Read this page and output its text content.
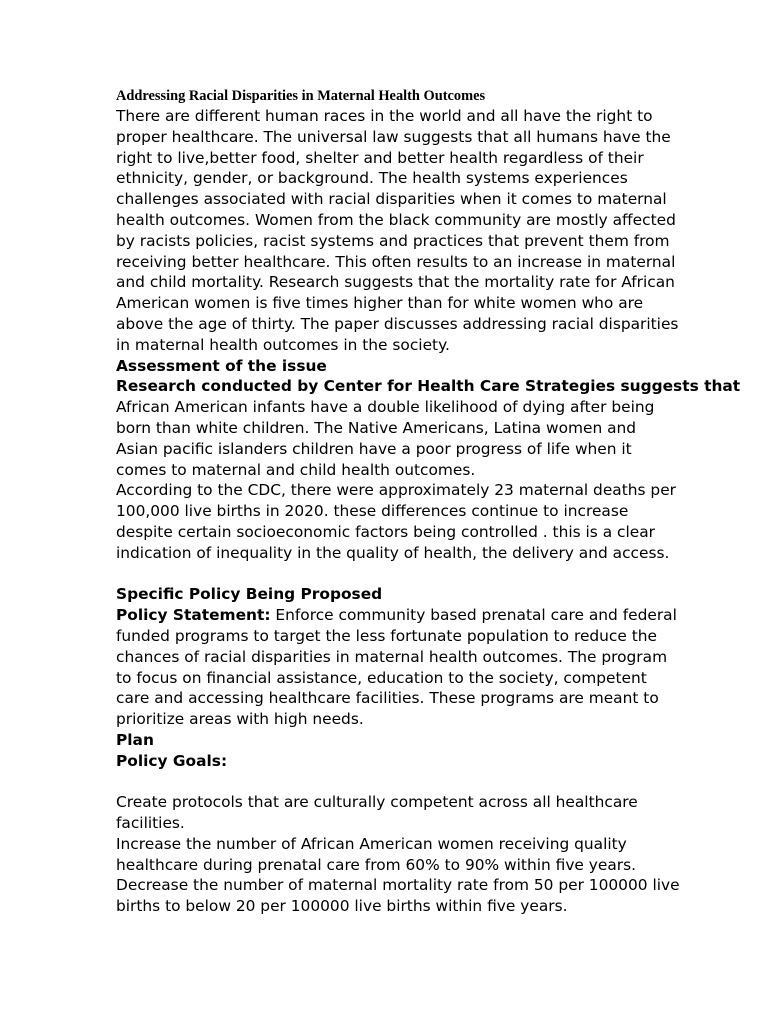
Addressing Racial Disparities in Maternal Health Outcomes

There are different human races in the world and all have the right to
proper healthcare. The universal law suggests that all humans have the
right to live,better food, shelter and better health regardless of their
ethnicity, gender, or background. The health systems experiences
challenges associated with racial disparities when it comes to maternal
health outcomes. Women from the black community are mostly affected
by racists policies, racist systems and practices that prevent them from
receiving better healthcare. This often results to an increase in maternal
and child mortality. Research suggests that the mortality rate for African
American women is five times higher than for white women who are
above the age of thirty. The paper discusses addressing racial disparities
in maternal health outcomes in the society.
Assessment of the issue
Research conducted by Center for Health Care Strategies suggests that
African American infants have a double likelihood of dying after being
born than white children. The Native Americans, Latina women and
Asian pacific islanders children have a poor progress of life when it
comes to maternal and child health outcomes.
According to the CDC, there were approximately 23 maternal deaths per
100,000 live births in 2020. these differences continue to increase
despite certain socioeconomic factors being controlled . this is a clear
indication of inequality in the quality of health, the delivery and access.
Specific Policy Being Proposed
Policy Statement: Enforce community based prenatal care and federal
funded programs to target the less fortunate population to reduce the
chances of racial disparities in maternal health outcomes. The program
to focus on financial assistance, education to the society, competent
care and accessing healthcare facilities. These programs are meant to
prioritize areas with high needs.
Plan
Policy Goals:
Create protocols that are culturally competent across all healthcare
facilities.
Increase the number of African American women receiving quality
healthcare during prenatal care from 60% to 90% within five years.
Decrease the number of maternal mortality rate from 50 per 100000 live
births to below 20 per 100000 live births within five years.
